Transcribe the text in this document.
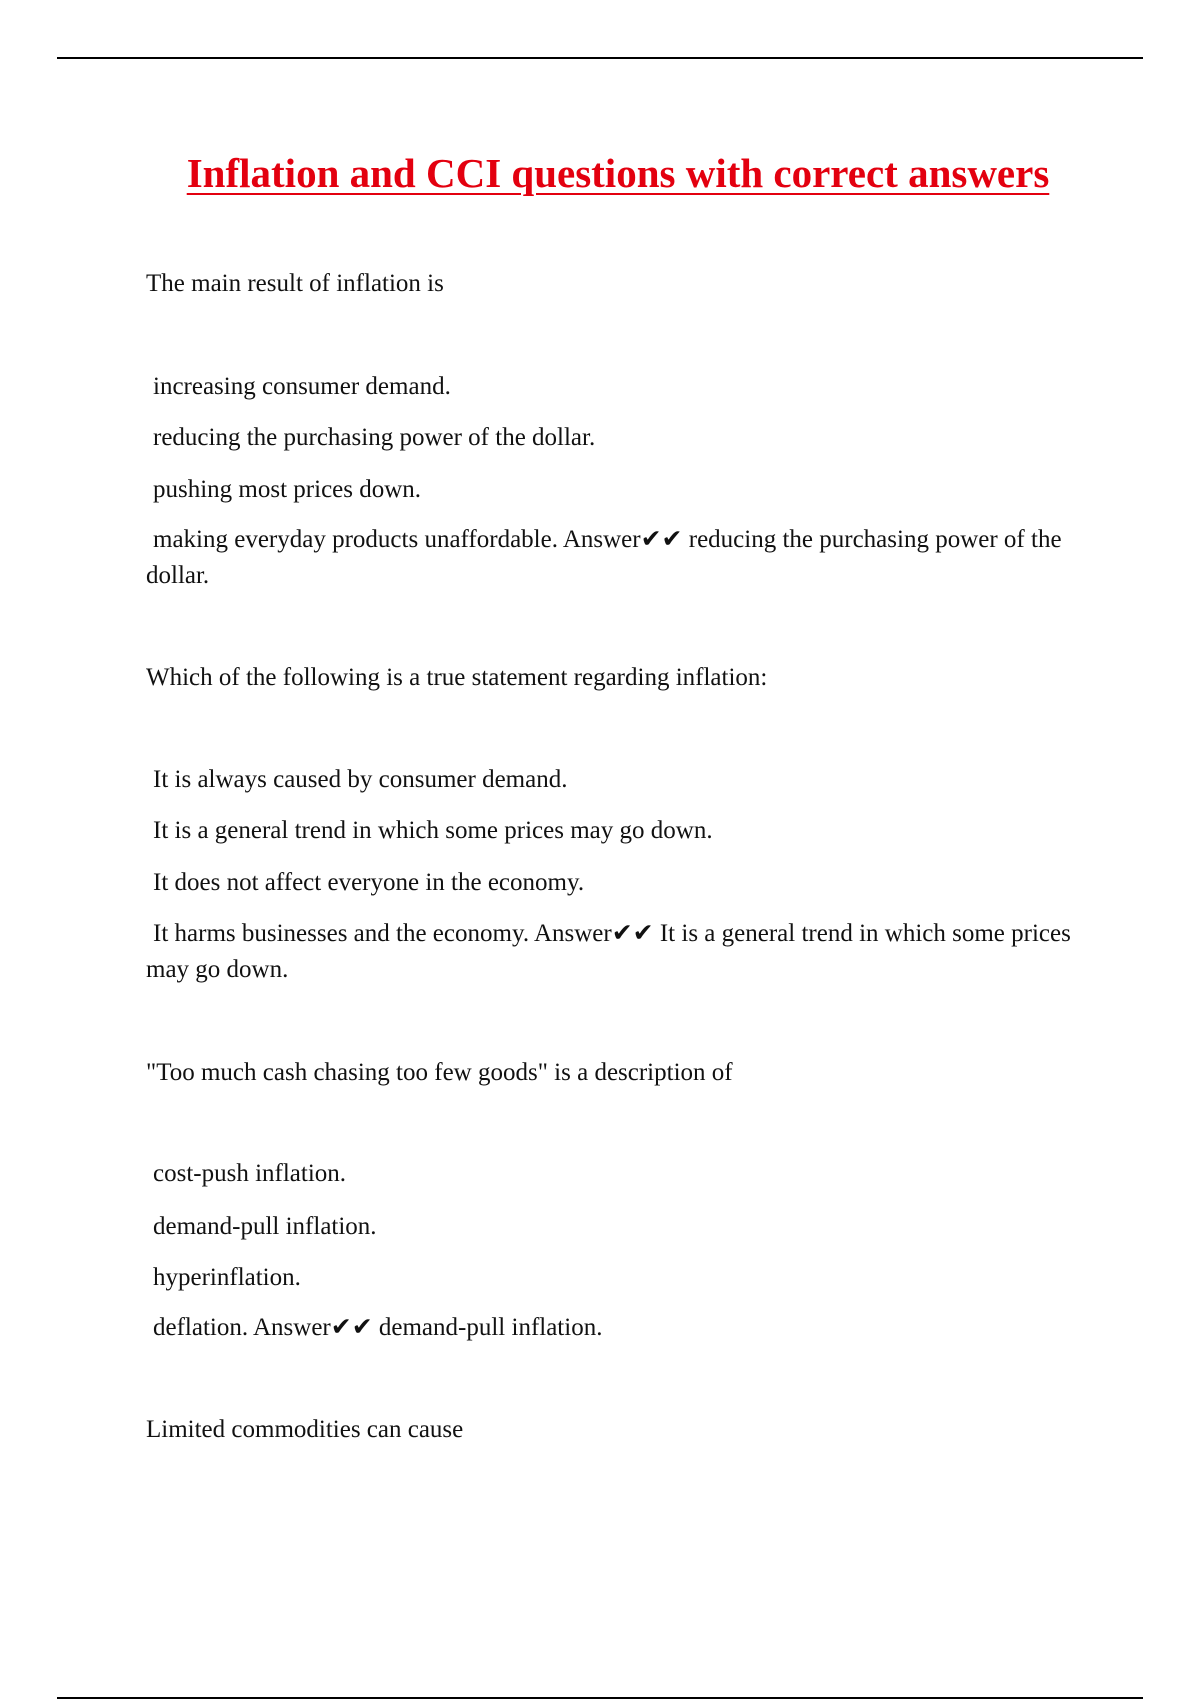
Inflation and CCI questions with correct answers

The main result of inflation is

increasing consumer demand.

reducing the purchasing power of the dollar.

pushing most prices down.

making everyday products unaffordable. Answer✔✔ reducing the purchasing power of the dollar.

Which of the following is a true statement regarding inflation:

It is always caused by consumer demand.

It is a general trend in which some prices may go down.

It does not affect everyone in the economy.

It harms businesses and the economy. Answer✔✔ It is a general trend in which some prices may go down.

"Too much cash chasing too few goods" is a description of

cost-push inflation.

demand-pull inflation.

hyperinflation.

deflation. Answer✔✔ demand-pull inflation.

Limited commodities can cause
